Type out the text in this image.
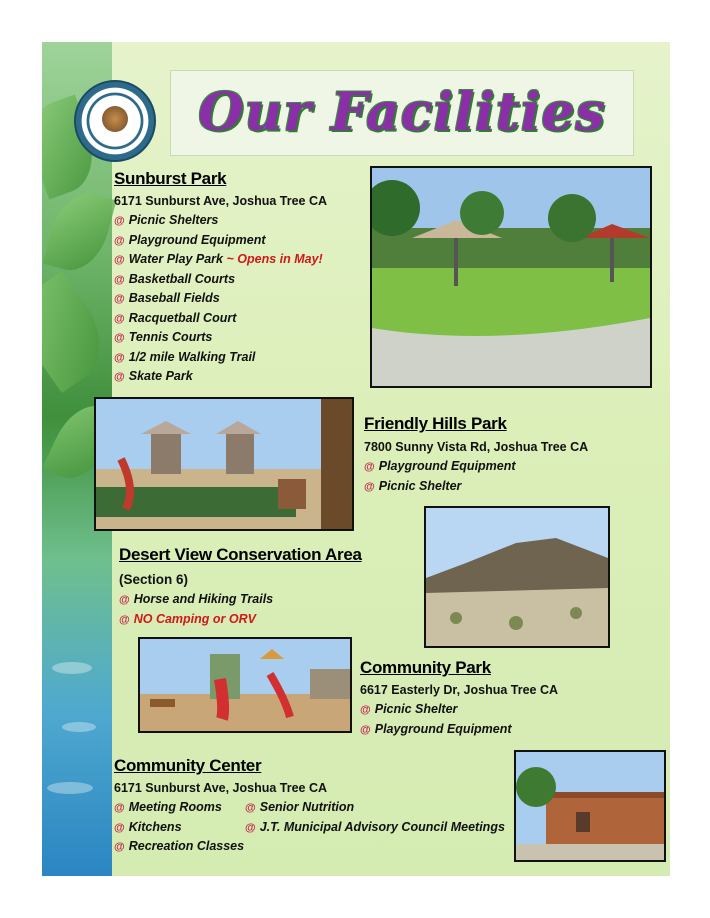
Our Facilities
Sunburst Park
6171 Sunburst Ave, Joshua Tree CA
@ Picnic Shelters
@ Playground Equipment
@ Water Play Park ~ Opens in May!
@ Basketball Courts
@ Baseball Fields
@ Racquetball Court
@ Tennis Courts
@ 1/2 mile Walking Trail
@ Skate Park
Friendly Hills Park
7800 Sunny Vista Rd, Joshua Tree CA
@ Playground Equipment
@ Picnic Shelter
Desert View Conservation Area
(Section 6)
@ Horse and Hiking Trails
@ NO Camping or ORV
Community Park
6617 Easterly Dr, Joshua Tree CA
@ Picnic Shelter
@ Playground Equipment
Community Center
6171 Sunburst Ave, Joshua Tree CA
@ Meeting Rooms
@ Kitchens
@ Recreation Classes
@ Senior Nutrition
@ J.T. Municipal Advisory Council Meetings
